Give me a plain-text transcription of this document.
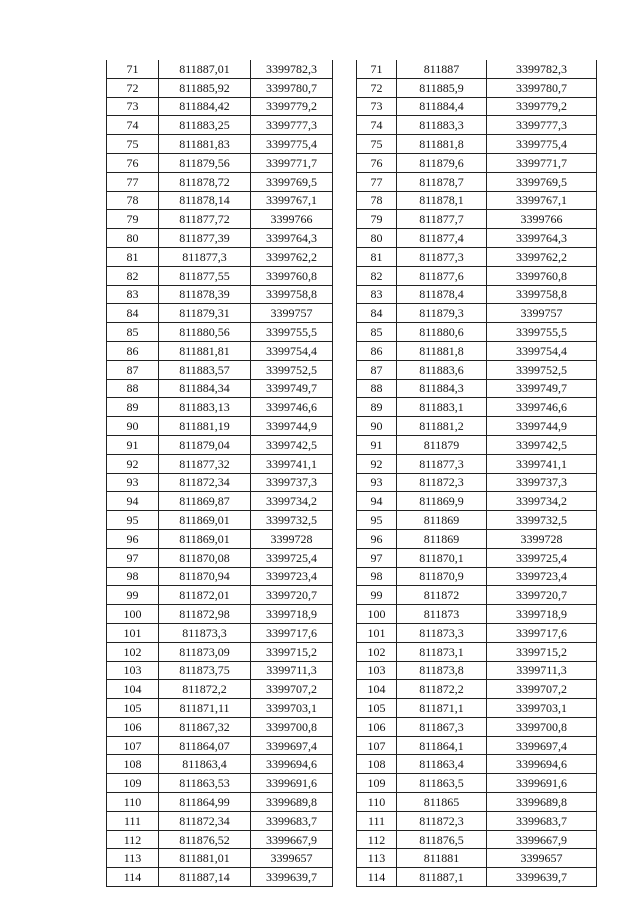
71	811887,01	3399782,3		71	811887	3399782,3
72	811885,92	3399780,7		72	811885,9	3399780,7
73	811884,42	3399779,2		73	811884,4	3399779,2
74	811883,25	3399777,3		74	811883,3	3399777,3
75	811881,83	3399775,4		75	811881,8	3399775,4
76	811879,56	3399771,7		76	811879,6	3399771,7
77	811878,72	3399769,5		77	811878,7	3399769,5
78	811878,14	3399767,1		78	811878,1	3399767,1
79	811877,72	3399766		79	811877,7	3399766
80	811877,39	3399764,3		80	811877,4	3399764,3
81	811877,3	3399762,2		81	811877,3	3399762,2
82	811877,55	3399760,8		82	811877,6	3399760,8
83	811878,39	3399758,8		83	811878,4	3399758,8
84	811879,31	3399757		84	811879,3	3399757
85	811880,56	3399755,5		85	811880,6	3399755,5
86	811881,81	3399754,4		86	811881,8	3399754,4
87	811883,57	3399752,5		87	811883,6	3399752,5
88	811884,34	3399749,7		88	811884,3	3399749,7
89	811883,13	3399746,6		89	811883,1	3399746,6
90	811881,19	3399744,9		90	811881,2	3399744,9
91	811879,04	3399742,5		91	811879	3399742,5
92	811877,32	3399741,1		92	811877,3	3399741,1
93	811872,34	3399737,3		93	811872,3	3399737,3
94	811869,87	3399734,2		94	811869,9	3399734,2
95	811869,01	3399732,5		95	811869	3399732,5
96	811869,01	3399728		96	811869	3399728
97	811870,08	3399725,4		97	811870,1	3399725,4
98	811870,94	3399723,4		98	811870,9	3399723,4
99	811872,01	3399720,7		99	811872	3399720,7
100	811872,98	3399718,9		100	811873	3399718,9
101	811873,3	3399717,6		101	811873,3	3399717,6
102	811873,09	3399715,2		102	811873,1	3399715,2
103	811873,75	3399711,3		103	811873,8	3399711,3
104	811872,2	3399707,2		104	811872,2	3399707,2
105	811871,11	3399703,1		105	811871,1	3399703,1
106	811867,32	3399700,8		106	811867,3	3399700,8
107	811864,07	3399697,4		107	811864,1	3399697,4
108	811863,4	3399694,6		108	811863,4	3399694,6
109	811863,53	3399691,6		109	811863,5	3399691,6
110	811864,99	3399689,8		110	811865	3399689,8
111	811872,34	3399683,7		111	811872,3	3399683,7
112	811876,52	3399667,9		112	811876,5	3399667,9
113	811881,01	3399657		113	811881	3399657
114	811887,14	3399639,7		114	811887,1	3399639,7
